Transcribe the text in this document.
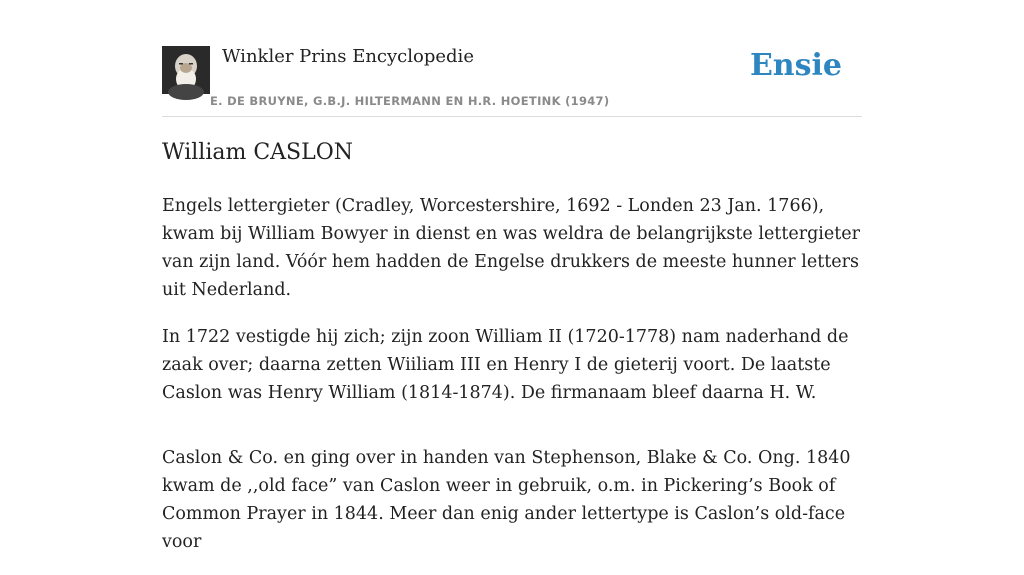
Winkler Prins Encyclopedie
E. DE BRUYNE, G.B.J. HILTERMANN EN H.R. HOETINK (1947)
Ensie
William CASLON

Engels lettergieter (Cradley, Worcestershire, 1692 - Londen 23 Jan. 1766), kwam bij William Bowyer in dienst en was weldra de belangrijkste lettergieter van zijn land. Vóór hem hadden de Engelse drukkers de meeste hunner letters uit Nederland.

In 1722 vestigde hij zich; zijn zoon William II (1720-1778) nam naderhand de zaak over; daarna zetten Wiiliam III en Henry I de gieterij voort. De laatste Caslon was Henry William (1814-1874). De firmanaam bleef daarna H. W.

Caslon & Co. en ging over in handen van Stephenson, Blake & Co. Ong. 1840 kwam de ,,old face” van Caslon weer in gebruik, o.m. in Pickering’s Book of Common Prayer in 1844. Meer dan enig ander lettertype is Caslon’s old-face voor
